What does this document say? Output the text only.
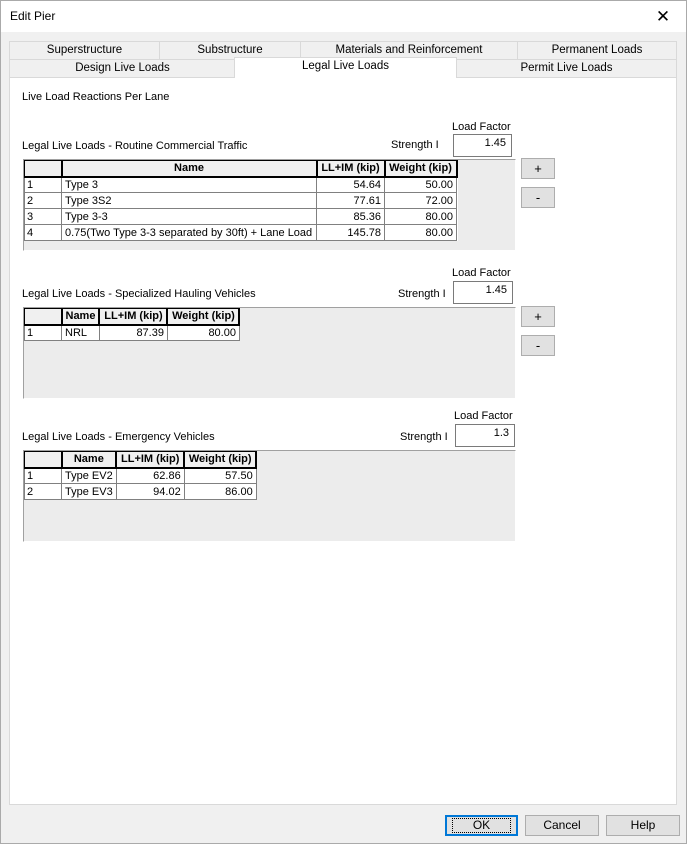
Edit Pier	✕
Superstructure	Substructure	Materials and Reinforcement	Permanent Loads
Design Live Loads	Legal Live Loads	Permit Live Loads
Live Load Reactions Per Lane
Load Factor
Legal Live Loads - Routine Commercial Traffic	Strength I	1.45
	Name	LL+IM (kip)	Weight (kip)
1	Type 3	54.64	50.00
2	Type 3S2	77.61	72.00
3	Type 3-3	85.36	80.00
4	0.75(Two Type 3-3 separated by 30ft) + Lane Load	145.78	80.00
+
-
Load Factor
Legal Live Loads - Specialized Hauling Vehicles	Strength I	1.45
	Name	LL+IM (kip)	Weight (kip)
1	NRL	87.39	80.00
+
-
Load Factor
Legal Live Loads - Emergency Vehicles	Strength I	1.3
	Name	LL+IM (kip)	Weight (kip)
1	Type EV2	62.86	57.50
2	Type EV3	94.02	86.00
OK	Cancel	Help
